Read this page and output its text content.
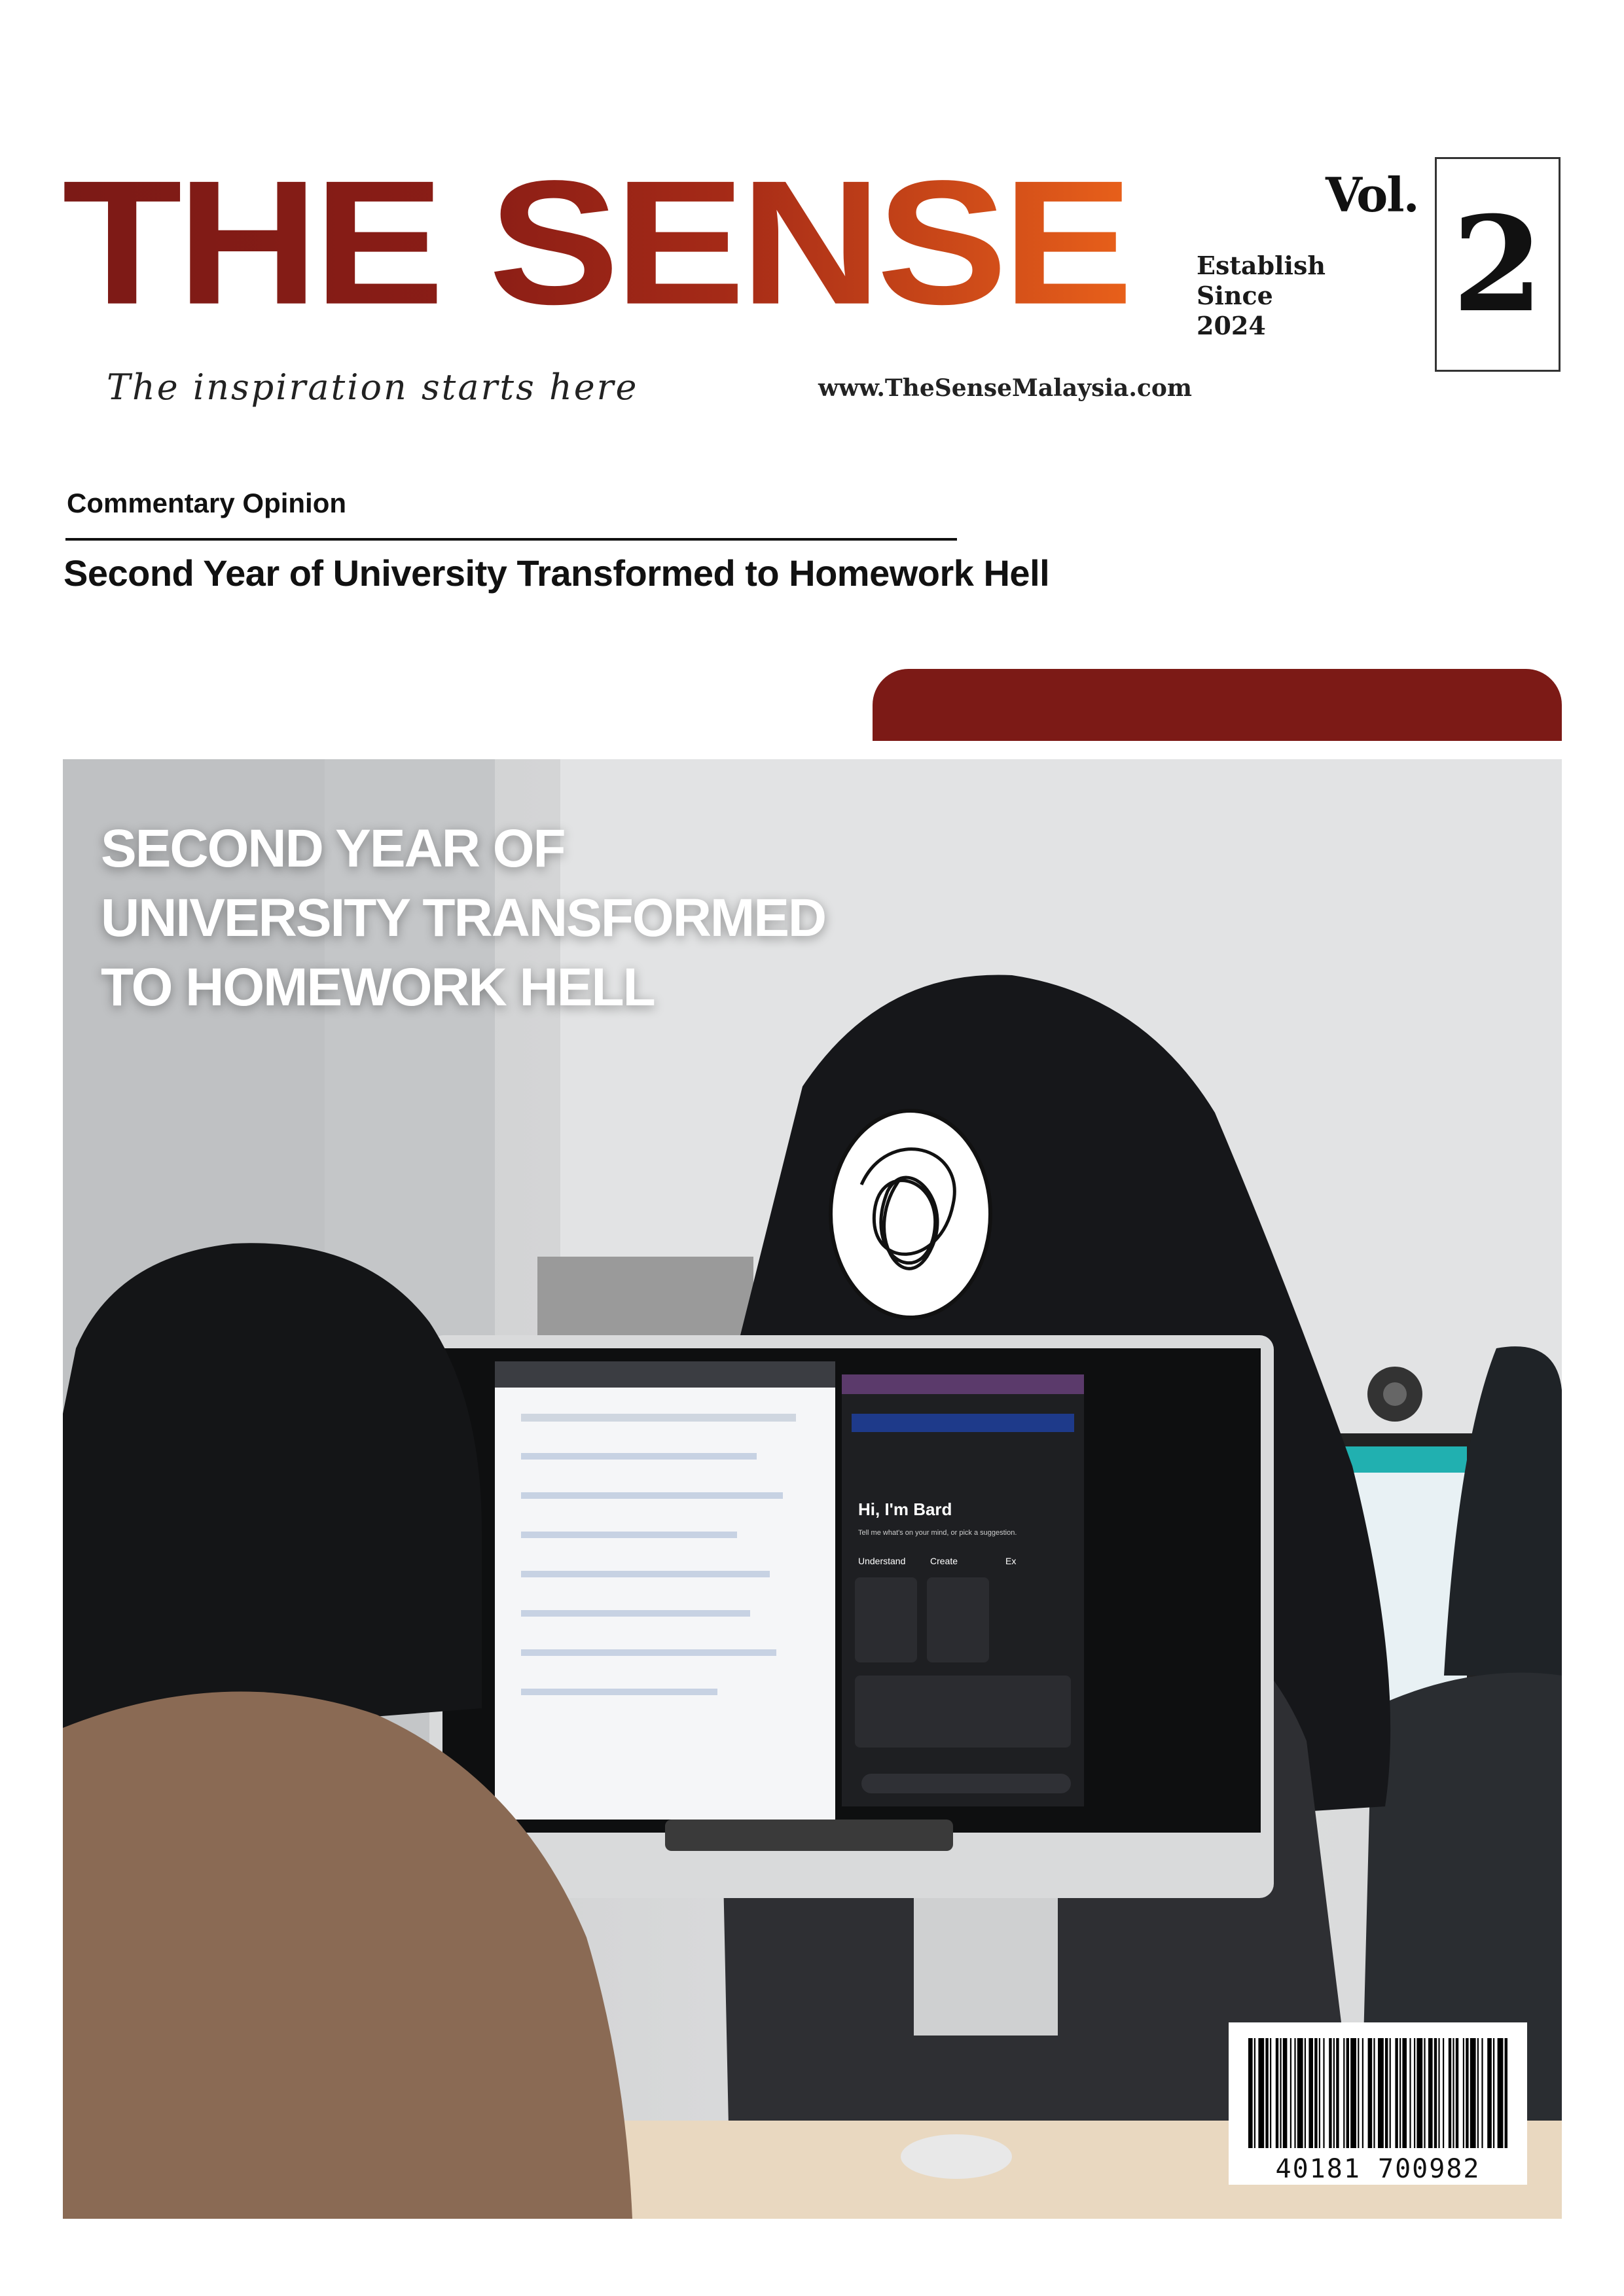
THE SENSE	Establish
Since
2024
Vol. 2
The inspiration starts here	www.TheSenseMalaysia.com
Commentary Opinion
Second Year of University Transformed to Homework Hell
Hi, I'm Bard
Tell me what's on your mind, or pick a suggestion.
Understand	Create	Ex
SECOND YEAR OF
UNIVERSITY TRANSFORMED
TO HOMEWORK HELL
40181 700982
